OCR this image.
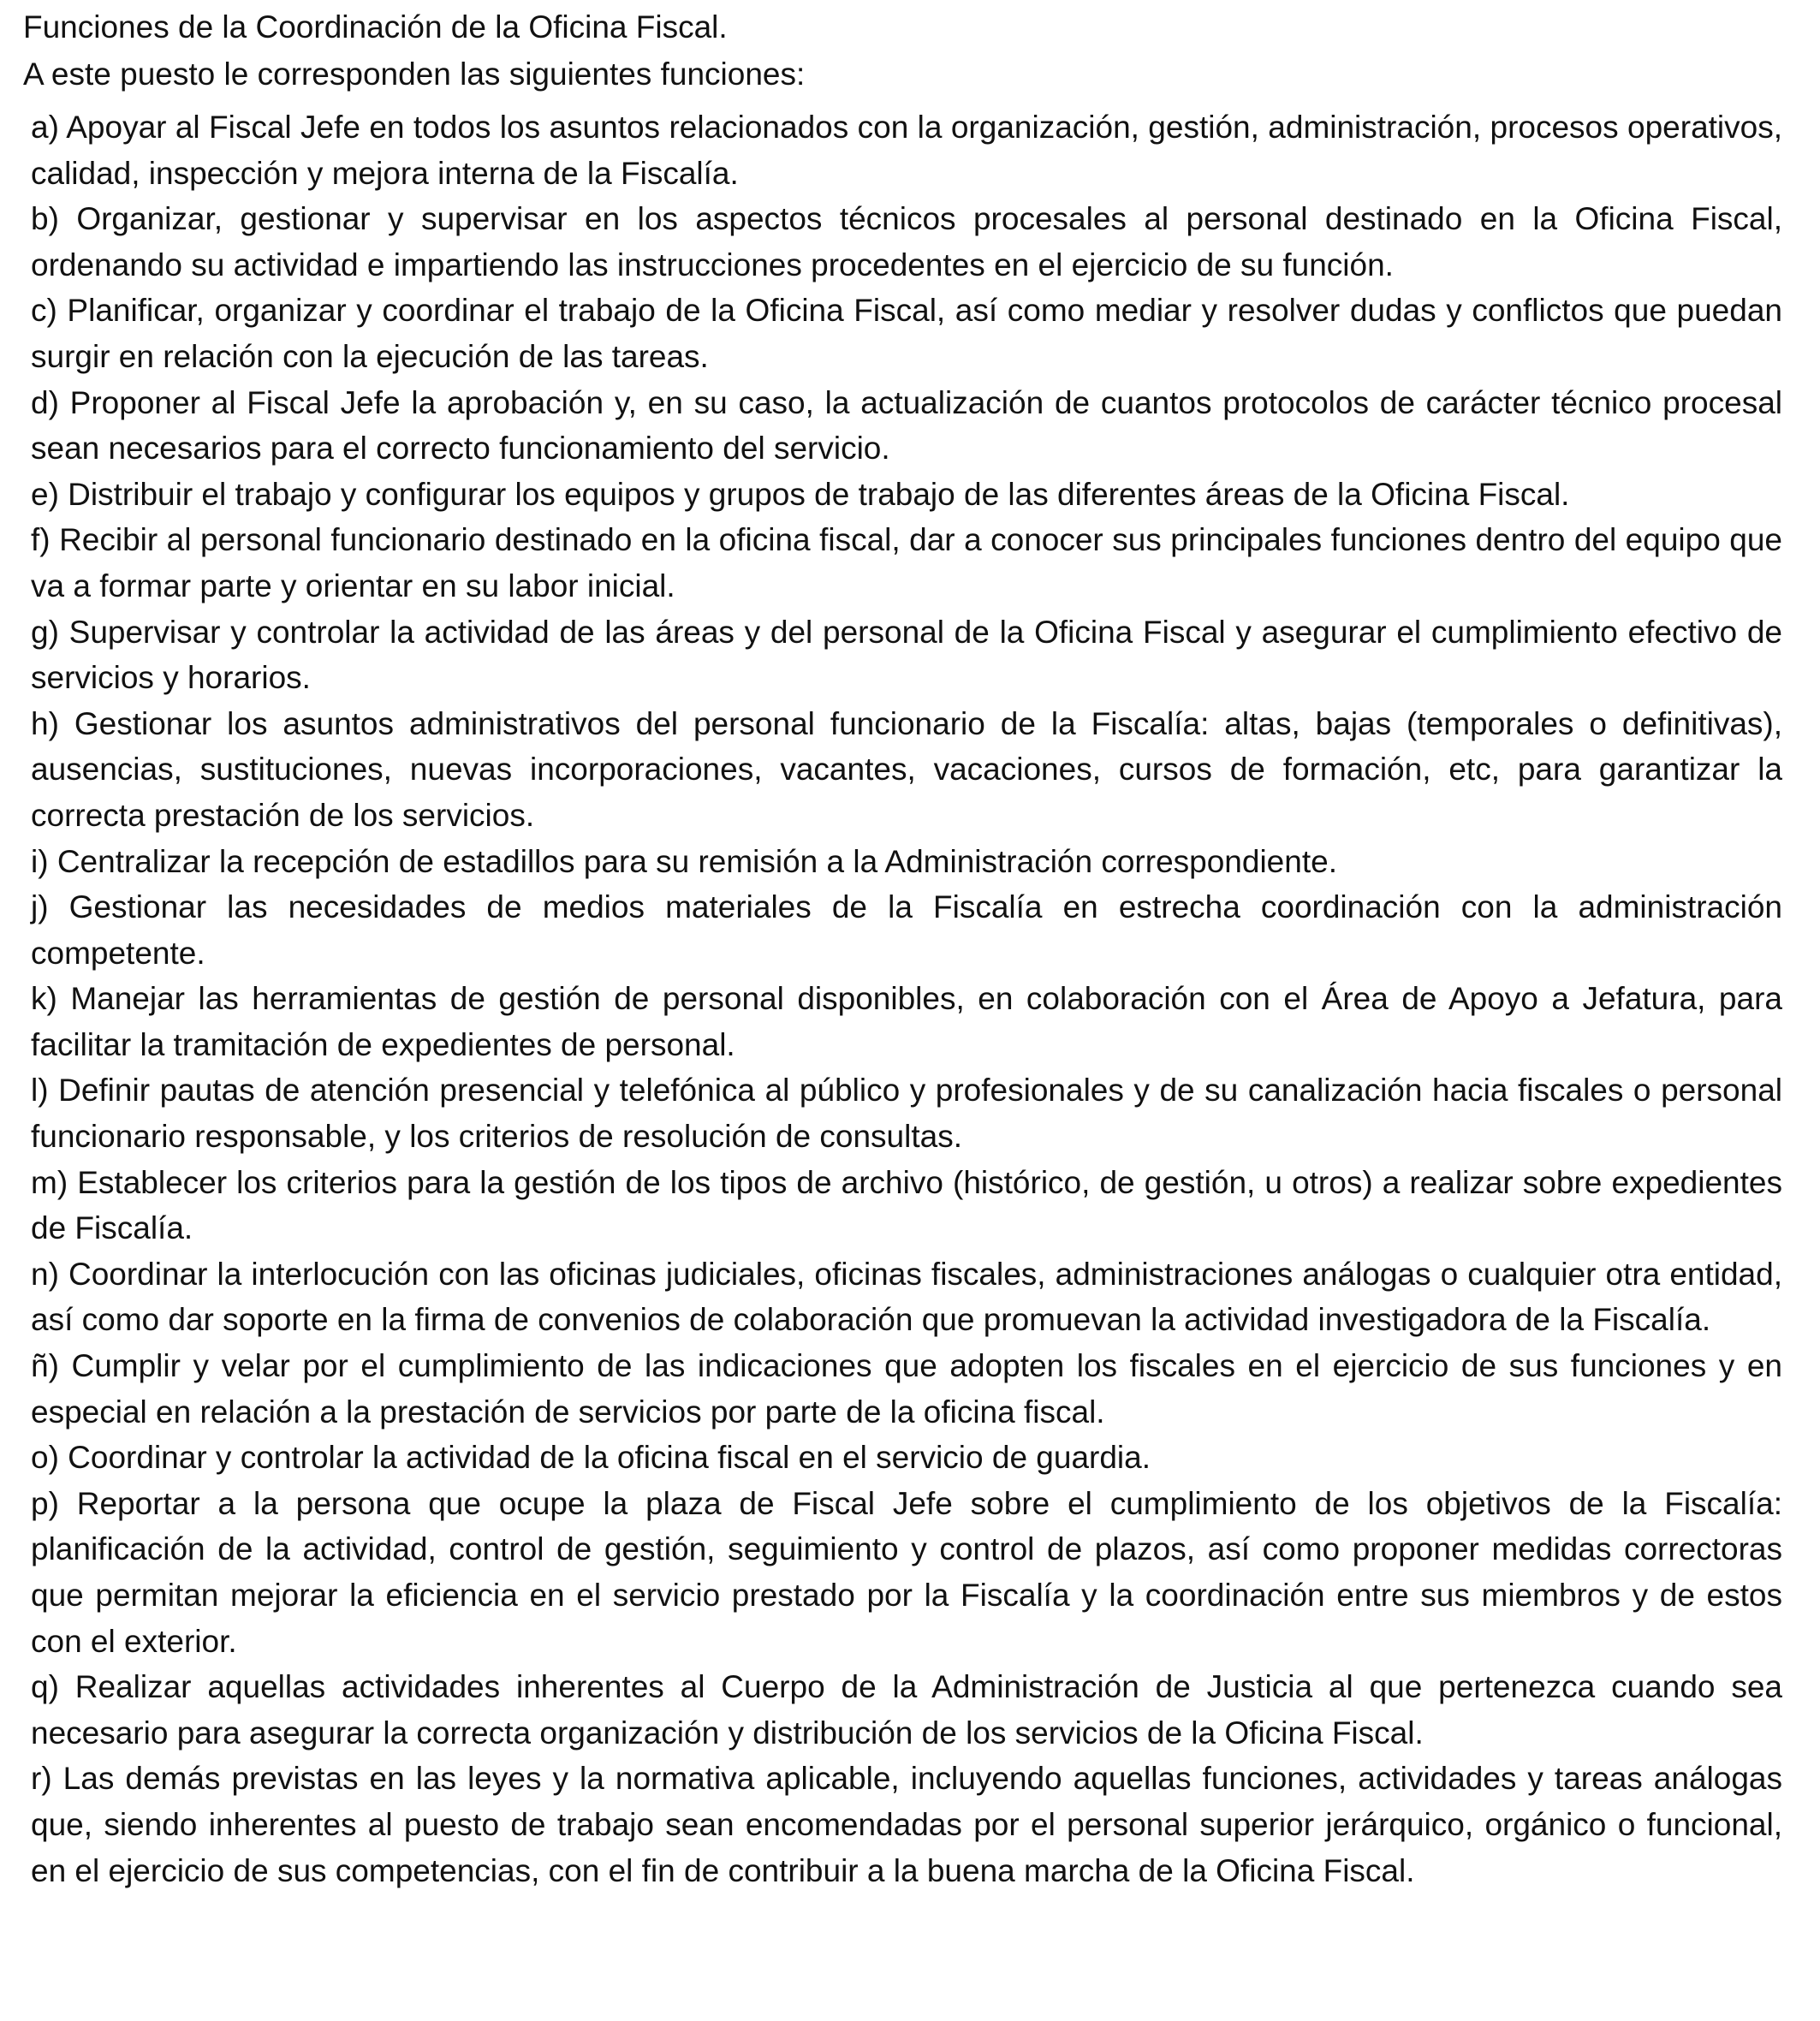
Funciones de la Coordinación de la Oficina Fiscal.

A este puesto le corresponden las siguientes funciones:

a) Apoyar al Fiscal Jefe en todos los asuntos relacionados con la organización, gestión, administración, procesos operativos, calidad, inspección y mejora interna de la Fiscalía.
b) Organizar, gestionar y supervisar en los aspectos técnicos procesales al personal destinado en la Oficina Fiscal, ordenando su actividad e impartiendo las instrucciones procedentes en el ejercicio de su función.
c) Planificar, organizar y coordinar el trabajo de la Oficina Fiscal, así como mediar y resolver dudas y conflictos que puedan surgir en relación con la ejecución de las tareas.
d) Proponer al Fiscal Jefe la aprobación y, en su caso, la actualización de cuantos protocolos de carácter técnico procesal sean necesarios para el correcto funcionamiento del servicio.
e) Distribuir el trabajo y configurar los equipos y grupos de trabajo de las diferentes áreas de la Oficina Fiscal.
f) Recibir al personal funcionario destinado en la oficina fiscal, dar a conocer sus principales funciones dentro del equipo que va a formar parte y orientar en su labor inicial.
g) Supervisar y controlar la actividad de las áreas y del personal de la Oficina Fiscal y asegurar el cumplimiento efectivo de servicios y horarios.
h) Gestionar los asuntos administrativos del personal funcionario de la Fiscalía: altas, bajas (temporales o definitivas), ausencias, sustituciones, nuevas incorporaciones, vacantes, vacaciones, cursos de formación, etc, para garantizar la correcta prestación de los servicios.
i) Centralizar la recepción de estadillos para su remisión a la Administración correspondiente.
j) Gestionar las necesidades de medios materiales de la Fiscalía en estrecha coordinación con la administración competente.
k) Manejar las herramientas de gestión de personal disponibles, en colaboración con el Área de Apoyo a Jefatura, para facilitar la tramitación de expedientes de personal.
l) Definir pautas de atención presencial y telefónica al público y profesionales y de su canalización hacia fiscales o personal funcionario responsable, y los criterios de resolución de consultas.
m) Establecer los criterios para la gestión de los tipos de archivo (histórico, de gestión, u otros) a realizar sobre expedientes de Fiscalía.
n) Coordinar la interlocución con las oficinas judiciales, oficinas fiscales, administraciones análogas o cualquier otra entidad, así como dar soporte en la firma de convenios de colaboración que promuevan la actividad investigadora de la Fiscalía.
ñ) Cumplir y velar por el cumplimiento de las indicaciones que adopten los fiscales en el ejercicio de sus funciones y en especial en relación a la prestación de servicios por parte de la oficina fiscal.
o) Coordinar y controlar la actividad de la oficina fiscal en el servicio de guardia.
p) Reportar a la persona que ocupe la plaza de Fiscal Jefe sobre el cumplimiento de los objetivos de la Fiscalía: planificación de la actividad, control de gestión, seguimiento y control de plazos, así como proponer medidas correctoras que permitan mejorar la eficiencia en el servicio prestado por la Fiscalía y la coordinación entre sus miembros y de estos con el exterior.
q) Realizar aquellas actividades inherentes al Cuerpo de la Administración de Justicia al que pertenezca cuando sea necesario para asegurar la correcta organización y distribución de los servicios de la Oficina Fiscal.
r) Las demás previstas en las leyes y la normativa aplicable, incluyendo aquellas funciones, actividades y tareas análogas que, siendo inherentes al puesto de trabajo sean encomendadas por el personal superior jerárquico, orgánico o funcional, en el ejercicio de sus competencias, con el fin de contribuir a la buena marcha de la Oficina Fiscal.
